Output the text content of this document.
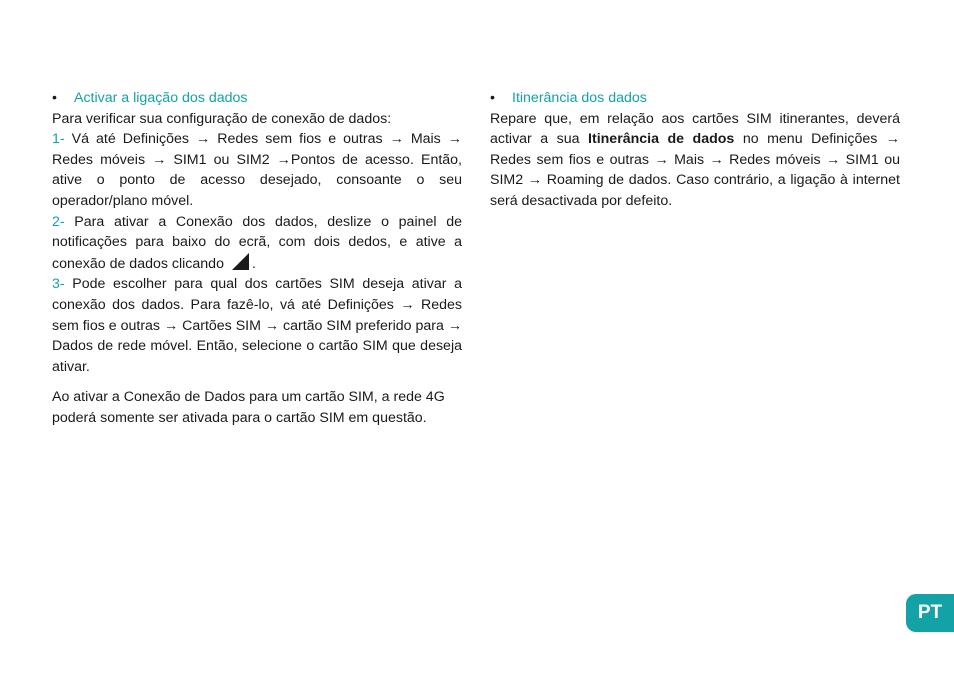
• Activar a ligação dos dados

Para verificar sua configuração de conexão de dados:

1- Vá até Definições → Redes sem fios e outras → Mais → Redes móveis → SIM1 ou SIM2 →Pontos de acesso. Então, ative o ponto de acesso desejado, consoante o seu operador/plano móvel.

2- Para ativar a Conexão dos dados, deslize o painel de notificações para baixo do ecrã, com dois dedos, e ative a conexão de dados clicando .

3- Pode escolher para qual dos cartões SIM deseja ativar a conexão dos dados. Para fazê-lo, vá até Definições → Redes sem fios e outras → Cartões SIM → cartão SIM preferido para → Dados de rede móvel. Então, selecione o cartão SIM que deseja ativar.

Ao ativar a Conexão de Dados para um cartão SIM, a rede 4G poderá somente ser ativada para o cartão SIM em questão.

• Itinerância dos dados

Repare que, em relação aos cartões SIM itinerantes, deverá activar a sua Itinerância de dados no menu Definições → Redes sem fios e outras → Mais → Redes móveis → SIM1 ou SIM2 → Roaming de dados. Caso contrário, a ligação à internet será desactivada por defeito.

PT
